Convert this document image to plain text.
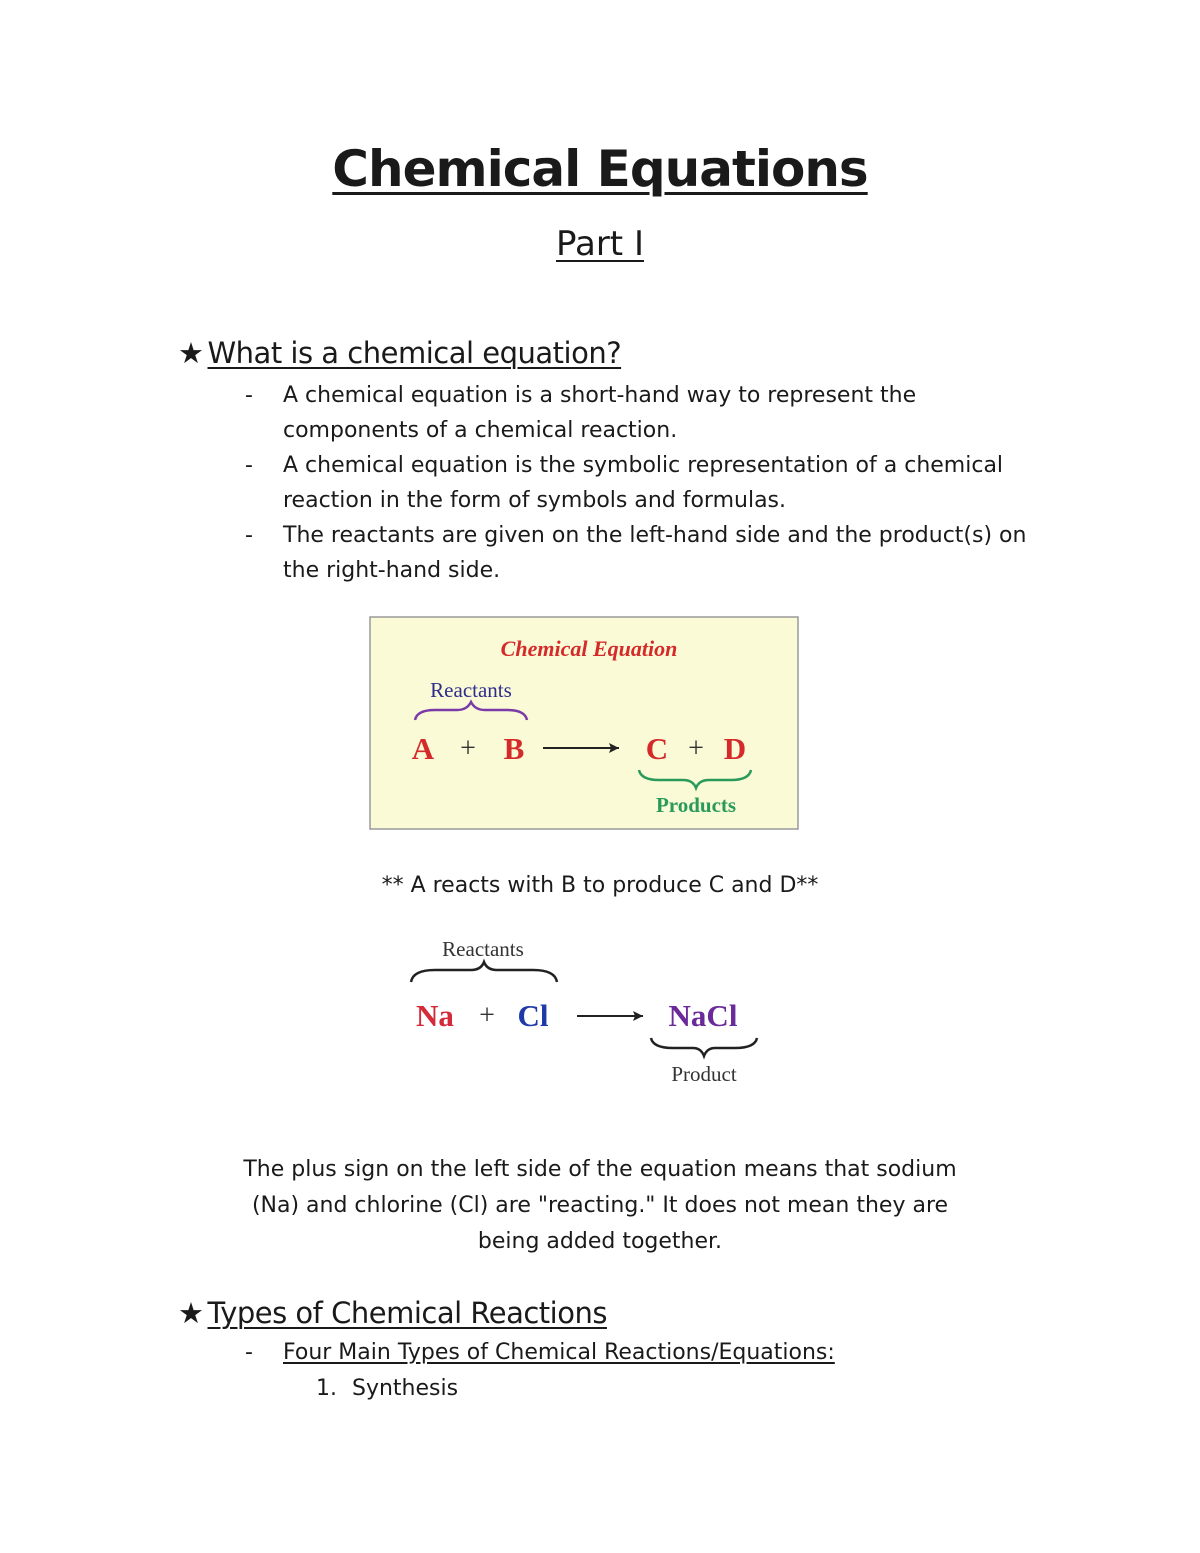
Chemical Equations
Part I
★ What is a chemical equation?
- A chemical equation is a short-hand way to represent the components of a chemical reaction.
- A chemical equation is the symbolic representation of a chemical reaction in the form of symbols and formulas.
- The reactants are given on the left-hand side and the product(s) on the right-hand side.
Chemical Equation
Reactants
A + B	C + D
Products
** A reacts with B to produce C and D**
Reactants
Na + Cl	NaCl
Product
The plus sign on the left side of the equation means that sodium (Na) and chlorine (Cl) are "reacting." It does not mean they are being added together.
★ Types of Chemical Reactions
- Four Main Types of Chemical Reactions/Equations:
1. Synthesis
